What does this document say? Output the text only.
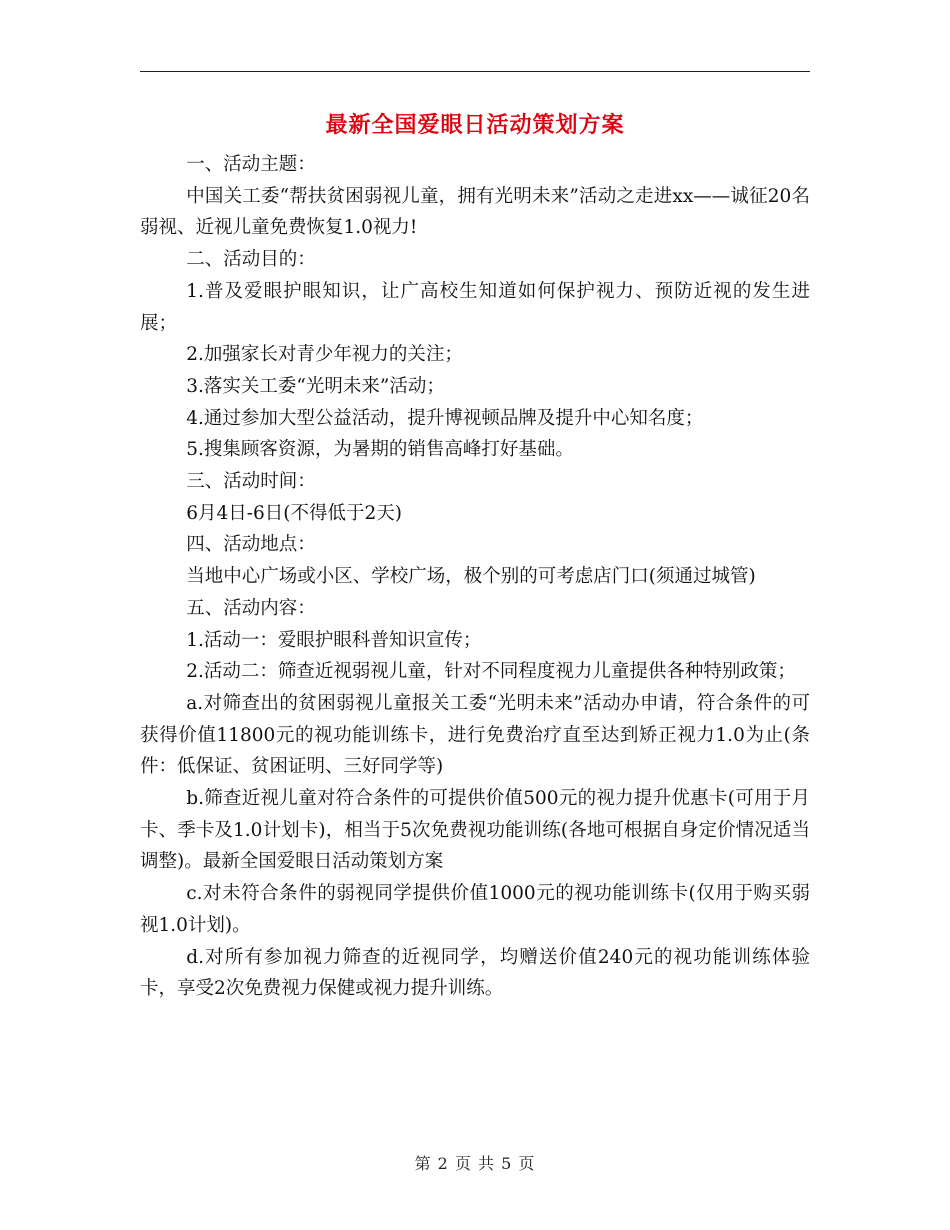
最新全国爱眼日活动策划方案

一、活动主题：

中国关工委“帮扶贫困弱视儿童，拥有光明未来”活动之走进xx——诚征20名弱视、近视儿童免费恢复1.0视力!

二、活动目的：

1.普及爱眼护眼知识，让广高校生知道如何保护视力、预防近视的发生进展；

2.加强家长对青少年视力的关注；

3.落实关工委“光明未来”活动；

4.通过参加大型公益活动，提升博视顿品牌及提升中心知名度；

5.搜集顾客资源，为暑期的销售高峰打好基础。

三、活动时间：

6月4日-6日(不得低于2天)

四、活动地点：

当地中心广场或小区、学校广场，极个别的可考虑店门口(须通过城管)

五、活动内容：

1.活动一：爱眼护眼科普知识宣传；

2.活动二：筛查近视弱视儿童，针对不同程度视力儿童提供各种特别政策；

a.对筛查出的贫困弱视儿童报关工委“光明未来”活动办申请，符合条件的可获得价值11800元的视功能训练卡，进行免费治疗直至达到矫正视力1.0为止(条件：低保证、贫困证明、三好同学等)

b.筛查近视儿童对符合条件的可提供价值500元的视力提升优惠卡(可用于月卡、季卡及1.0计划卡)，相当于5次免费视功能训练(各地可根据自身定价情况适当调整)。最新全国爱眼日活动策划方案

c.对未符合条件的弱视同学提供价值1000元的视功能训练卡(仅用于购买弱视1.0计划)。

d.对所有参加视力筛查的近视同学，均赠送价值240元的视功能训练体验卡，享受2次免费视力保健或视力提升训练。

第 2 页 共 5 页
